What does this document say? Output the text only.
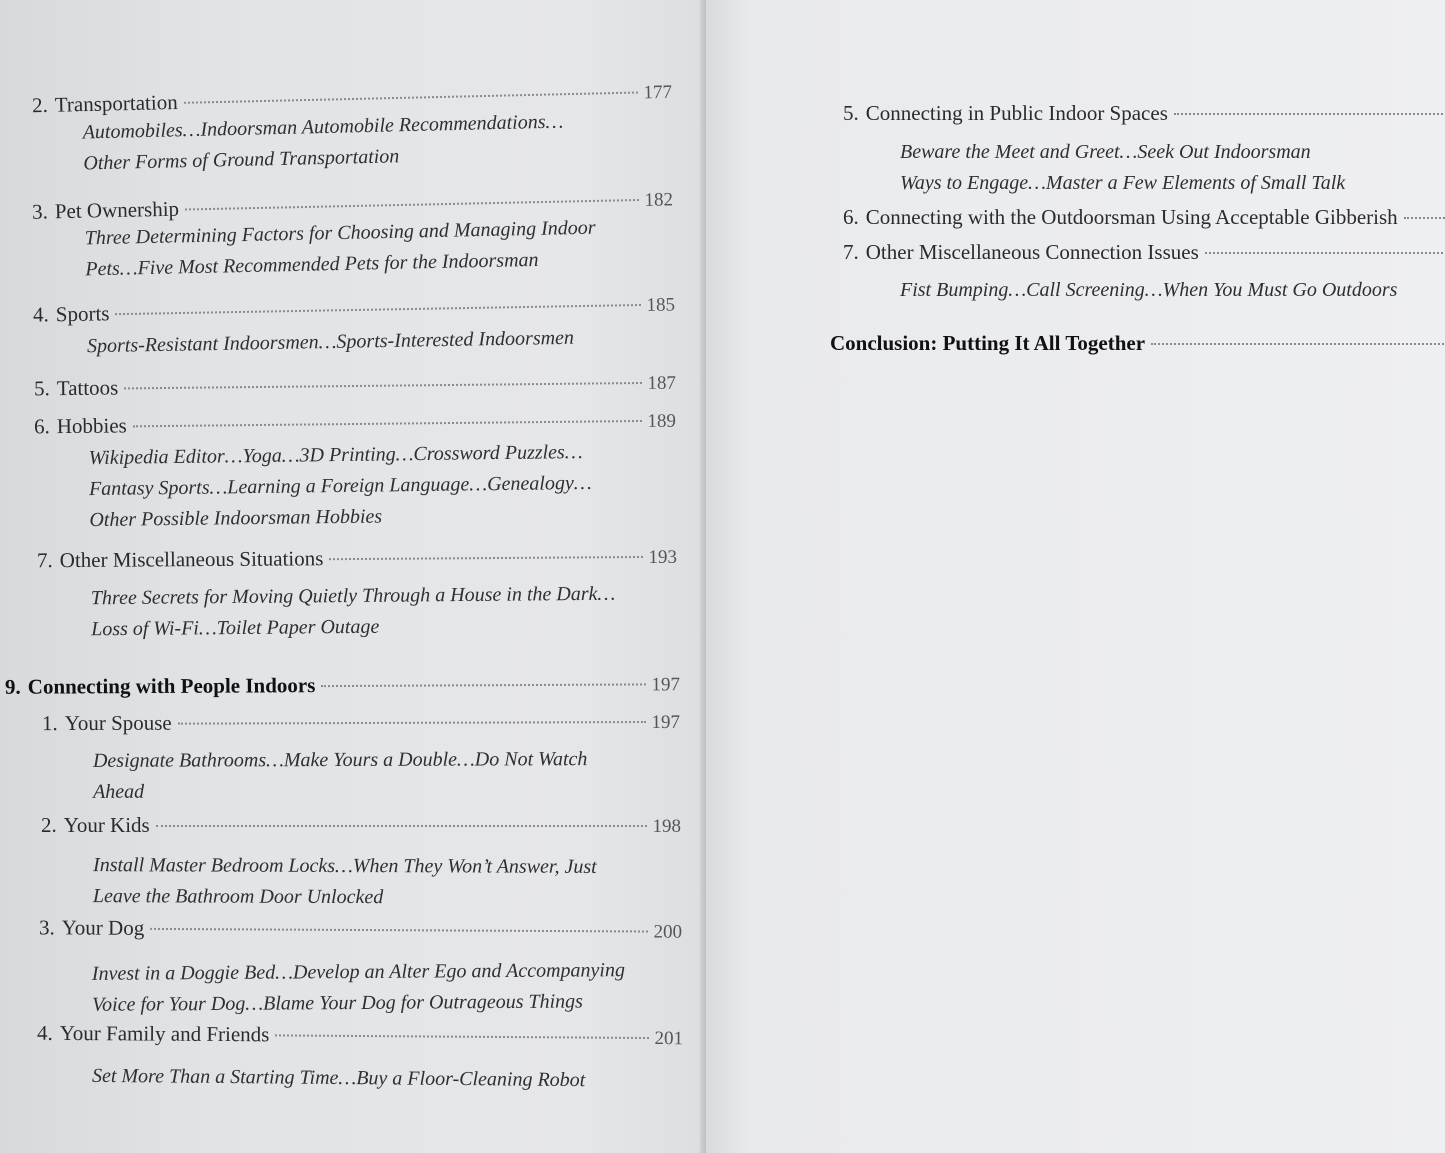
2. Transportation	177
Automobiles…Indoorsman Automobile Recommendations…
Other Forms of Ground Transportation
3. Pet Ownership	182
Three Determining Factors for Choosing and Managing Indoor
Pets…Five Most Recommended Pets for the Indoorsman
4. Sports	185
Sports-Resistant Indoorsmen…Sports-Interested Indoorsmen
5. Tattoos	187
6. Hobbies	189
Wikipedia Editor…Yoga…3D Printing…Crossword Puzzles…
Fantasy Sports…Learning a Foreign Language…Genealogy…
Other Possible Indoorsman Hobbies
7. Other Miscellaneous Situations	193
Three Secrets for Moving Quietly Through a House in the Dark…
Loss of Wi-Fi…Toilet Paper Outage
9. Connecting with People Indoors	197
1. Your Spouse	197
Designate Bathrooms…Make Yours a Double…Do Not Watch
Ahead
2. Your Kids	198
Install Master Bedroom Locks…When They Won’t Answer, Just
Leave the Bathroom Door Unlocked
3. Your Dog	200
Invest in a Doggie Bed…Develop an Alter Ego and Accompanying
Voice for Your Dog…Blame Your Dog for Outrageous Things
4. Your Family and Friends	201
Set More Than a Starting Time…Buy a Floor-Cleaning Robot
5. Connecting in Public Indoor Spaces
Beware the Meet and Greet…Seek Out Indoorsman
Ways to Engage…Master a Few Elements of Small Talk
6. Connecting with the Outdoorsman Using Acceptable Gibberish
7. Other Miscellaneous Connection Issues
Fist Bumping…Call Screening…When You Must Go Outdoors
Conclusion: Putting It All Together
